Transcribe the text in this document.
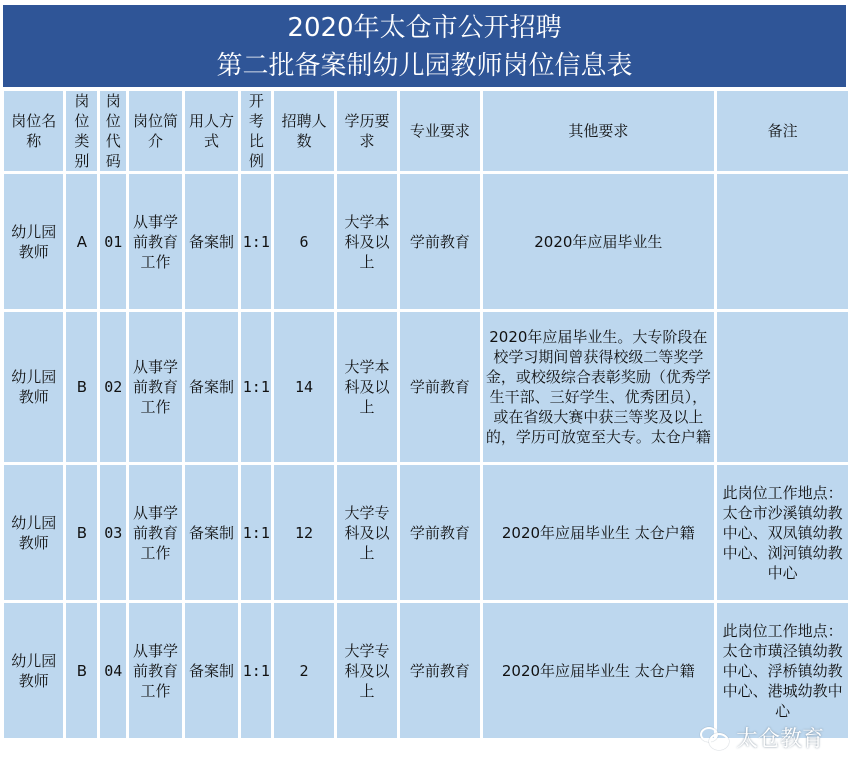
2020年太仓市公开招聘
第二批备案制幼儿园教师岗位信息表
岗位名称	岗位类别	岗位代码	岗位简介	用人方式	开考比例	招聘人数	学历要求	专业要求	其他要求	备注
幼儿园教师	A	01	从事学前教育工作	备案制	1:1	6	大学本科及以上	学前教育	2020年应届毕业生	
幼儿园教师	B	02	从事学前教育工作	备案制	1:1	14	大学本科及以上	学前教育	2020年应届毕业生。大专阶段在校学习期间曾获得校级二等奖学金，或校级综合表彰奖励（优秀学生干部、三好学生、优秀团员），或在省级大赛中获三等奖及以上的，学历可放宽至大专。太仓户籍	
幼儿园教师	B	03	从事学前教育工作	备案制	1:1	12	大学专科及以上	学前教育	2020年应届毕业生 太仓户籍	此岗位工作地点：太仓市沙溪镇幼教中心、双凤镇幼教中心、浏河镇幼教中心
幼儿园教师	B	04	从事学前教育工作	备案制	1:1	2	大学专科及以上	学前教育	2020年应届毕业生 太仓户籍	此岗位工作地点：太仓市璜泾镇幼教中心、浮桥镇幼教中心、港城幼教中心
太仓教育
